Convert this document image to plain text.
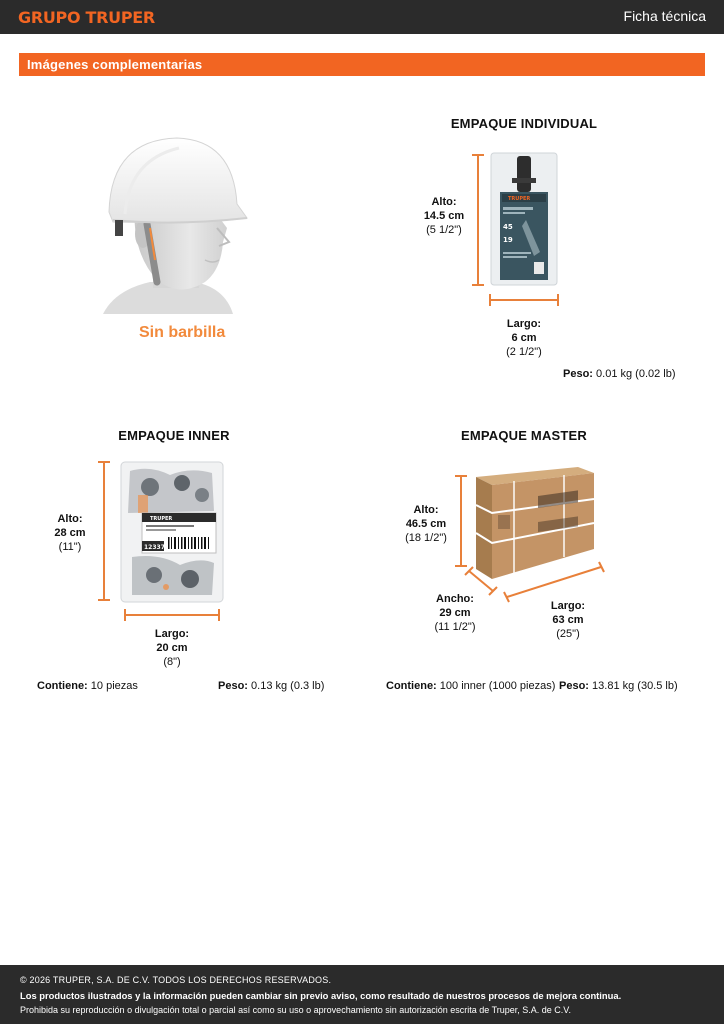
GRUPO TRUPER	Ficha técnica
Imágenes complementarias
Sin barbilla
EMPAQUE INDIVIDUAL
Alto:
14.5 cm
(5 1/2")
TRUPER
45
19
Largo:
6 cm
(2 1/2")
Peso: 0.01 kg (0.02 lb)
EMPAQUE INNER
Alto:
28 cm
(11")
TRUPER
12337
Largo:
20 cm
(8")
Contiene: 10 piezas	Peso: 0.13 kg (0.3 lb)
EMPAQUE MASTER
Alto:
46.5 cm
(18 1/2")
Ancho:
29 cm
(11 1/2")
Largo:
63 cm
(25")
Contiene: 100 inner (1000 piezas) Peso: 13.81 kg (30.5 lb)
© 2026 TRUPER, S.A. DE C.V. TODOS LOS DERECHOS RESERVADOS.
Los productos ilustrados y la información pueden cambiar sin previo aviso, como resultado de nuestros procesos de mejora continua.
Prohibida su reproducción o divulgación total o parcial así como su uso o aprovechamiento sin autorización escrita de Truper, S.A. de C.V.
